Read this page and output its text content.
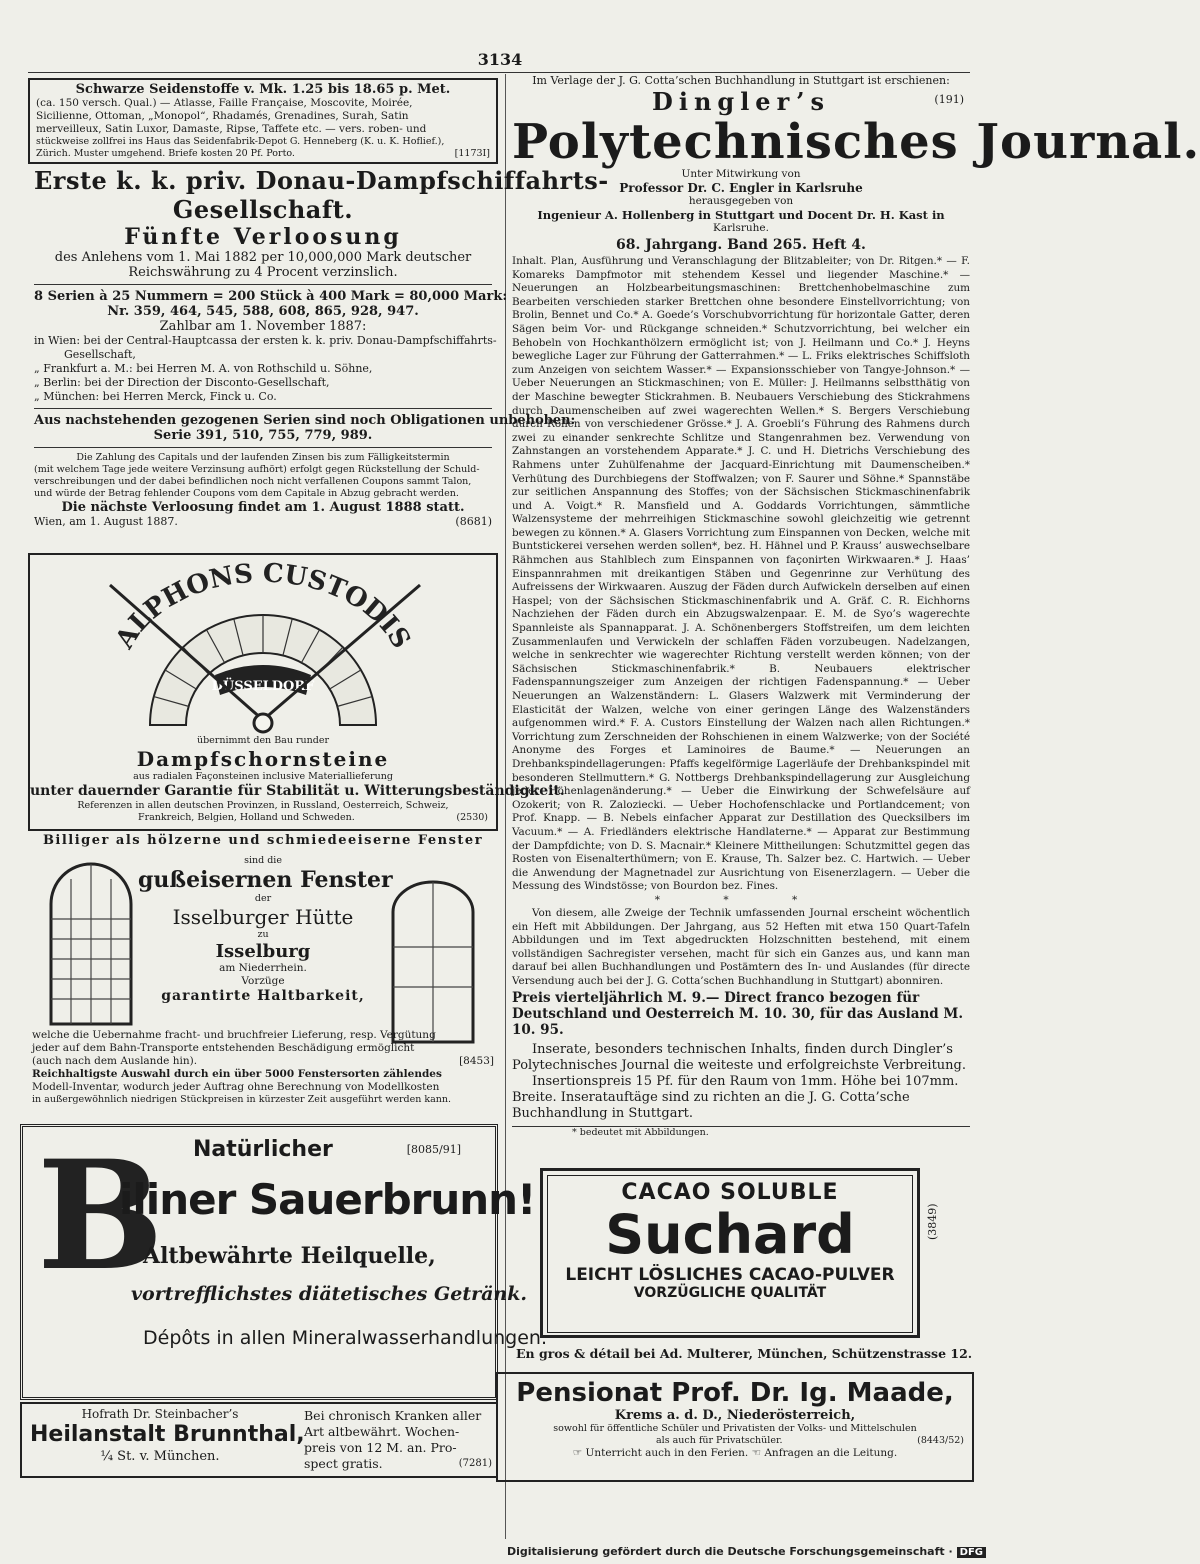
3134
Schwarze Seidenstoffe v. Mk. 1.25 bis 18.65 p. Met.
(ca. 150 versch. Qual.) — Atlasse, Faille Française, Moscovite, Moirée,
Sicilienne, Ottoman, „Monopol“, Rhadamés, Grenadines, Surah, Satin
merveilleux, Satin Luxor, Damaste, Ripse, Taffete etc. — vers. roben- und
stückweise zollfrei ins Haus das Seidenfabrik-Depot G. Henneberg (K. u. K. Hoflief.),
Zürich. Muster umgehend. Briefe kosten 20 Pf. Porto.	[1173I]
Erste k. k. priv. Donau-Dampfschiffahrts-
Gesellschaft.
Fünfte Verloosung
des Anlehens vom 1. Mai 1882 per 10,000,000 Mark deutscher
Reichswährung zu 4 Procent verzinslich.
8 Serien à 25 Nummern = 200 Stück à 400 Mark = 80,000 Mark:
Nr. 359, 464, 545, 588, 608, 865, 928, 947.
Zahlbar am 1. November 1887:
in Wien: bei der Central-Hauptcassa der ersten k. k. priv. Donau-Dampfschiffahrts-
Gesellschaft,
„ Frankfurt a. M.: bei Herren M. A. von Rothschild u. Söhne,
„ Berlin: bei der Direction der Disconto-Gesellschaft,
„ München: bei Herren Merck, Finck u. Co.
Aus nachstehenden gezogenen Serien sind noch Obligationen unbehoben:
Serie 391, 510, 755, 779, 989.
Die Zahlung des Capitals und der laufenden Zinsen bis zum Fälligkeitstermin
(mit welchem Tage jede weitere Verzinsung aufhört) erfolgt gegen Rückstellung der Schuld-
verschreibungen und der dabei befindlichen noch nicht verfallenen Coupons sammt Talon,
und würde der Betrag fehlender Coupons vom dem Capitale in Abzug gebracht werden.
Die nächste Verloosung findet am 1. August 1888 statt.
Wien, am 1. August 1887.	(8681)
ALPHONS CUSTODIS
DÜSSELDORF
übernimmt den Bau runder
Dampfschornsteine
aus radialen Façonsteinen inclusive Materiallieferung
unter dauernder Garantie für Stabilität u. Witterungsbeständigkeit.
Referenzen in allen deutschen Provinzen, in Russland, Oesterreich, Schweiz,
Frankreich, Belgien, Holland und Schweden.	(2530)
Billiger als hölzerne und schmiedeeiserne Fenster
sind die
gußeisernen Fenster
der
Isselburger Hütte
zu
Isselburg
am Niederrhein.
Vorzüge
garantirte Haltbarkeit,
welche die Uebernahme fracht- und bruchfreier Lieferung, resp. Vergütung
jeder auf dem Bahn-Transporte entstehenden Beschädigung ermöglicht
(auch nach dem Auslande hin).	[8453]
Reichhaltigste Auswahl durch ein über 5000 Fenstersorten zählendes
Modell-Inventar, wodurch jeder Auftrag ohne Berechnung von Modellkosten
in außergewöhnlich niedrigen Stückpreisen in kürzester Zeit ausgeführt werden kann.
B Natürlicher	[8085/91]
iliner Sauerbrunn!
Altbewährte Heilquelle,
vortrefflichstes diätetisches Getränk.
Dépôts in allen Mineralwasserhandlungen.
Hofrath Dr. Steinbacher’s
Heilanstalt Brunnthal,
¼ St. v. München.
Bei chronisch Kranken aller
Art altbewährt. Wochen-
preis von 12 M. an. Pro-
spect gratis.	(7281)
Im Verlage der J. G. Cotta’schen Buchhandlung in Stuttgart ist erschienen:
Dingler’s	(191)
Polytechnisches Journal.
Unter Mitwirkung von
Professor Dr. C. Engler in Karlsruhe
herausgegeben von
Ingenieur A. Hollenberg in Stuttgart und Docent Dr. H. Kast in
Karlsruhe.
68. Jahrgang. Band 265. Heft 4.

Inhalt. Plan, Ausführung und Veranschlagung der Blitzableiter; von Dr. Ritgen.* — F. Komareks Dampfmotor mit stehendem Kessel und liegender Maschine.* — Neuerungen an Holzbearbeitungsmaschinen: Brettchenhobelmaschine zum Bearbeiten verschieden starker Brettchen ohne besondere Einstellvorrichtung; von Brolin, Bennet und Co.* A. Goede’s Vorschubvorrichtung für horizontale Gatter, deren Sägen beim Vor- und Rückgange schneiden.* Schutzvorrichtung, bei welcher ein Behobeln von Hochkanthölzern ermöglicht ist; von J. Heilmann und Co.* J. Heyns bewegliche Lager zur Führung der Gatterrahmen.* — L. Friks elektrisches Schiffsloth zum Anzeigen von seichtem Wasser.* — Expansionsschieber von Tangye-Johnson.* — Ueber Neuerungen an Stickmaschinen; von E. Müller: J. Heilmanns selbstthätig von der Maschine bewegter Stickrahmen. B. Neubauers Verschiebung des Stickrahmens durch Daumenscheiben auf zwei wagerechten Wellen.* S. Bergers Verschiebung durch Rollen von verschiedener Grösse.* J. A. Groebli’s Führung des Rahmens durch zwei zu einander senkrechte Schlitze und Stangenrahmen bez. Verwendung von Zahnstangen an vorstehendem Apparate.* J. C. und H. Dietrichs Verschiebung des Rahmens unter Zuhülfenahme der Jacquard-Einrichtung mit Daumenscheiben.* Verhütung des Durchbiegens der Stoffwalzen; von F. Saurer und Söhne.* Spannstäbe zur seitlichen Anspannung des Stoffes; von der Sächsischen Stickmaschinenfabrik und A. Voigt.* R. Mansfield und A. Goddards Vorrichtungen, sämmtliche Walzensysteme der mehrreihigen Stickmaschine sowohl gleichzeitig wie getrennt bewegen zu können.* A. Glasers Vorrichtung zum Einspannen von Decken, welche mit Buntstickerei versehen werden sollen*, bez. H. Hähnel und P. Krauss’ auswechselbare Rähmchen aus Stahlblech zum Einspannen von façonirten Wirkwaaren.* J. Haas’ Einspannrahmen mit dreikantigen Stäben und Gegenrinne zur Verhütung des Aufreissens der Wirkwaaren. Auszug der Fäden durch Aufwickeln derselben auf einen Haspel; von der Sächsischen Stickmaschinenfabrik und A. Gräf. C. R. Eichhorns Nachziehen der Fäden durch ein Abzugswalzenpaar. E. M. de Syo’s wagerechte Spannleiste als Spannapparat. J. A. Schönenbergers Stoffstreifen, um dem leichten Zusammenlaufen und Verwickeln der schlaffen Fäden vorzubeugen. Nadelzangen, welche in senkrechter wie wagerechter Richtung verstellt werden können; von der Sächsischen Stickmaschinenfabrik.* B. Neubauers elektrischer Fadenspannungszeiger zum Anzeigen der richtigen Fadenspannung.* — Ueber Neuerungen an Walzenständern: L. Glasers Walzwerk mit Verminderung der Elasticität der Walzen, welche von einer geringen Länge des Walzenständers aufgenommen wird.* F. A. Custors Einstellung der Walzen nach allen Richtungen.* Vorrichtung zum Zerschneiden der Rohschienen in einem Walzwerke; von der Société Anonyme des Forges et Laminoires de Baume.* — Neuerungen an Drehbankspindellagerungen: Pfaffs kegelförmige Lagerläufe der Drehbankspindel mit besonderen Stellmuttern.* G. Nottbergs Drehbankspindellagerung zur Ausgleichung jeder Höhenlagenänderung.* — Ueber die Einwirkung der Schwefelsäure auf Ozokerit; von R. Zaloziecki. — Ueber Hochofenschlacke und Portlandcement; von Prof. Knapp. — B. Nebels einfacher Apparat zur Destillation des Quecksilbers im Vacuum.* — A. Friedländers elektrische Handlaterne.* — Apparat zur Bestimmung der Dampfdichte; von D. S. Macnair.* Kleinere Mittheilungen: Schutzmittel gegen das Rosten von Eisenalterthümern; von E. Krause, Th. Salzer bez. C. Hartwich. — Ueber die Anwendung der Magnetnadel zur Ausrichtung von Eisenerzlagern. — Ueber die Messung des Windstösse; von Bourdon bez. Fines.

* * *

Von diesem, alle Zweige der Technik umfassenden Journal erscheint wöchentlich ein Heft mit Abbildungen. Der Jahrgang, aus 52 Heften mit etwa 150 Quart-Tafeln Abbildungen und im Text abgedruckten Holzschnitten bestehend, mit einem vollständigen Sachregister versehen, macht für sich ein Ganzes aus, und kann man darauf bei allen Buchhandlungen und Postämtern des In- und Auslandes (für directe Versendung auch bei der J. G. Cotta’schen Buchhandlung in Stuttgart) abonniren.

Preis vierteljährlich M. 9.— Direct franco bezogen für Deutschland und Oesterreich M. 10. 30, für das Ausland M. 10. 95.

Inserate, besonders technischen Inhalts, finden durch Dingler’s Polytechnisches Journal die weiteste und erfolgreichste Verbreitung.

Insertionspreis 15 Pf. für den Raum von 1mm. Höhe bei 107mm. Breite. Inseratauftäge sind zu richten an die J. G. Cotta’sche Buchhandlung in Stuttgart.

* bedeutet mit Abbildungen.
CACAO SOLUBLE
Suchard
LEICHT LÖSLICHES CACAO-PULVER
VORZÜGLICHE QUALITÄT
(3849)
En gros & détail bei Ad. Multerer, München, Schützenstrasse 12.
Pensionat Prof. Dr. Ig. Maade,
Krems a. d. D., Niederösterreich,
sowohl für öffentliche Schüler und Privatisten der Volks- und Mittelschulen
als auch für Privatschüler.	(8443/52)
☞ Unterricht auch in den Ferien. ☜ Anfragen an die Leitung.
Digitalisierung gefördert durch die Deutsche Forschungsgemeinschaft · DFG
